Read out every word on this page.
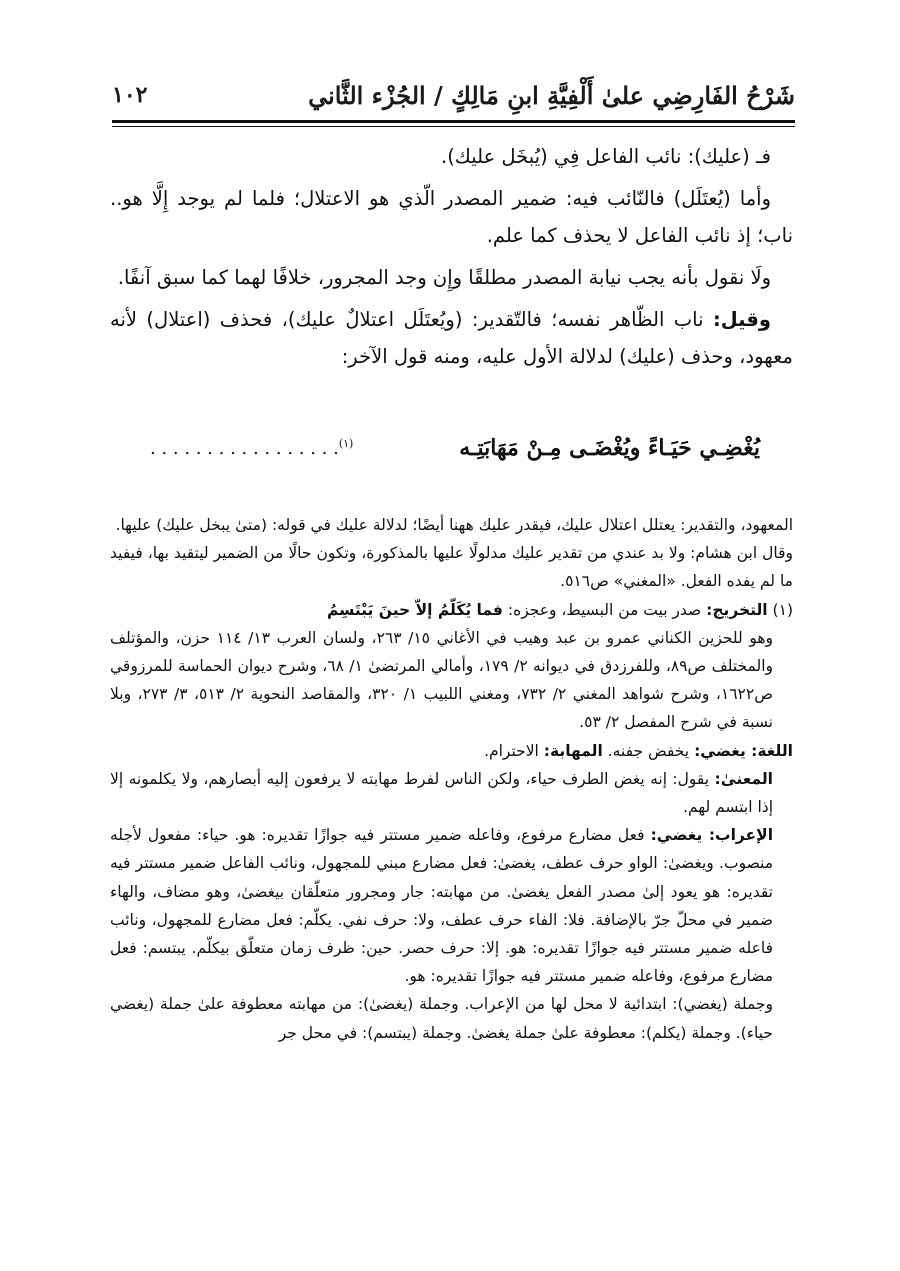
شَرْحُ الفَارِضِي علىٰ أَلْفِيَّةِ ابنِ مَالِكٍ / الجُزْء الثَّاني
١٠٢

فـ (عليك): نائب الفاعل فِي (يُبخَل عليك).

وأما (يُعتَلَل) فالنّائب فيه: ضمير المصدر الّذي هو الاعتلال؛ فلما لم يوجد إِلَّا هو.. ناب؛ إذ نائب الفاعل لا يحذف كما علم.

ولَا نقول بأنه يجب نيابة المصدر مطلقًا وإِن وجد المجرور، خلافًا لهما كما سبق آنفًا.

وقيل: ناب الظّاهر نفسه؛ فالتّقدير: (ويُعتَلَل اعتلالٌ عليك)، فحذف (اعتلال) لأنه معهود، وحذف (عليك) لدلالة الأول عليه، ومنه قول الآخر:

يُغْضِـي حَيَـاءً ويُغْضَـى مِـنْ مَهَابَتِـه
. . . . . . . . . . . . . . . . .$^{(١)}$

المعهود، والتقدير: يعتلل اعتلال عليك، فيقدر عليك ههنا أيضًا؛ لدلالة عليك في قوله: (متىٰ يبخل عليك) عليها.

وقال ابن هشام: ولا بد عندي من تقدير عليك مدلولًا عليها بالمذكورة، وتكون حالًا من الضمير ليتقيد بها، فيفيد ما لم يفده الفعل. «المغني» ص٥١٦.

(١) التخريج: صدر بيت من البسيط، وعجزه: فما يُكَلّمُ إلاّ حينَ يَبْتَسِمُ

وهو للحزين الكناني عمرو بن عبد وهيب في الأغاني ١٥/ ٢٦٣، ولسان العرب ١٣/ ١١٤ حزن، والمؤتلف والمختلف ص٨٩، وللفرزدق في ديوانه ٢/ ١٧٩، وأمالي المرتضىٰ ١/ ٦٨، وشرح ديوان الحماسة للمرزوقي ص١٦٢٢، وشرح شواهد المغني ٢/ ٧٣٢، ومغني اللبيب ١/ ٣٢٠، والمقاصد النحوية ٢/ ٥١٣، ٣/ ٢٧٣، وبلا نسبة في شرح المفصل ٢/ ٥٣.

اللغة: يغضي: يخفض جفنه. المهابة: الاحترام.

المعنىٰ: يقول: إنه يغض الطرف حياء، ولكن الناس لفرط مهابته لا يرفعون إليه أبصارهم، ولا يكلمونه إلا إذا ابتسم لهم.

الإعراب: يغضي: فعل مضارع مرفوع، وفاعله ضمير مستتر فيه جوازًا تقديره: هو. حياء: مفعول لأجله منصوب. ويغضىٰ: الواو حرف عطف، يغضىٰ: فعل مضارع مبني للمجهول، ونائب الفاعل ضمير مستتر فيه تقديره: هو يعود إلىٰ مصدر الفعل يغضىٰ. من مهابته: جار ومجرور متعلّقان بيغضىٰ، وهو مضاف، والهاء ضمير في محلّ جرّ بالإضافة. فلا: الفاء حرف عطف، ولا: حرف نفي. يكلّم: فعل مضارع للمجهول، ونائب فاعله ضمير مستتر فيه جوازًا تقديره: هو. إلا: حرف حصر. حين: ظرف زمان متعلّق بيكلّم. يبتسم: فعل مضارع مرفوع، وفاعله ضمير مستتر فيه جوازًا تقديره: هو.

وجملة (يغضي): ابتدائية لا محل لها من الإعراب. وجملة (يغضىٰ): من مهابته معطوفة علىٰ جملة (يغضي حياء). وجملة (يكلم): معطوفة علىٰ جملة يغضىٰ. وجملة (يبتسم): في محل جر
